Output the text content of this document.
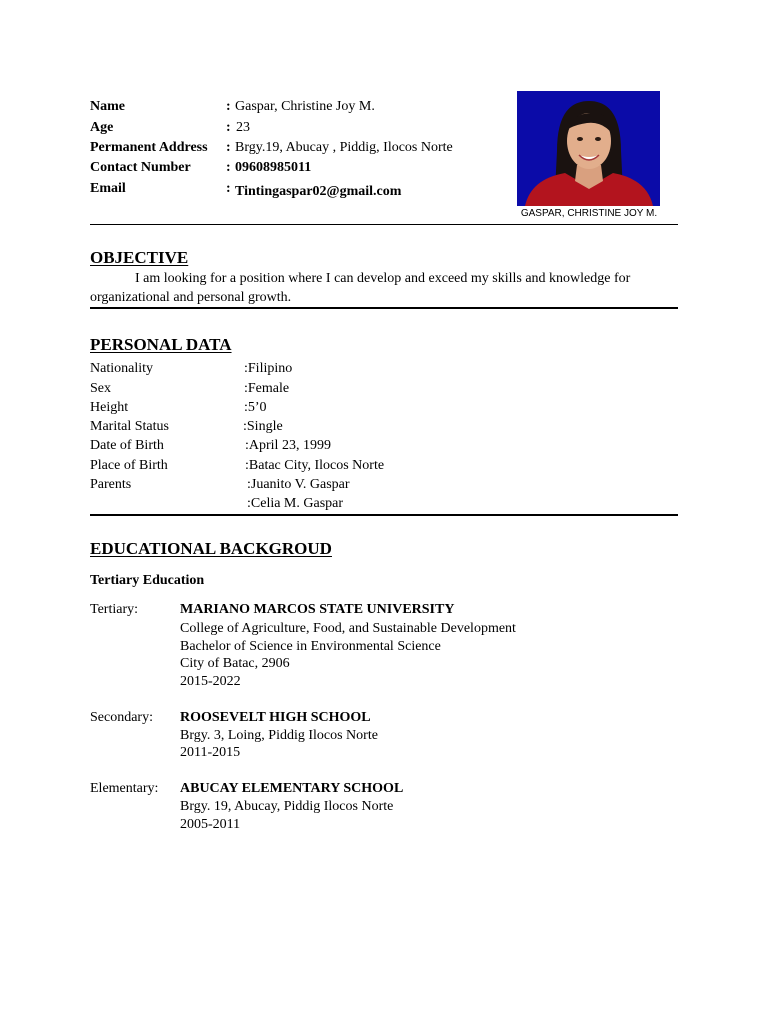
Name
Age
Permanent Address
Contact Number
Email
:
:
:
:
:
Gaspar, Christine Joy M.
23
Brgy.19, Abucay , Piddig, Ilocos Norte
09608985011
Tintingaspar02@gmail.com
GASPAR, CHRISTINE JOY M.
OBJECTIVE
I am looking for a position where I can develop and exceed my skills and knowledge for
organizational and personal growth.
PERSONAL DATA
Nationality
Sex
Height
Marital Status
Date of Birth
Place of Birth
Parents
:Filipino
:Female
:5’0
:Single
:April 23, 1999
:Batac City, Ilocos Norte
:Juanito V. Gaspar
:Celia M. Gaspar
EDUCATIONAL BACKGROUD
Tertiary Education
Tertiary:	MARIANO MARCOS STATE UNIVERSITY
College of Agriculture, Food, and Sustainable Development
Bachelor of Science in Environmental Science
City of Batac, 2906
2015-2022
Secondary: ROOSEVELT HIGH SCHOOL
Brgy. 3, Loing, Piddig Ilocos Norte
2011-2015
Elementary: ABUCAY ELEMENTARY SCHOOL
Brgy. 19, Abucay, Piddig Ilocos Norte
2005-2011
